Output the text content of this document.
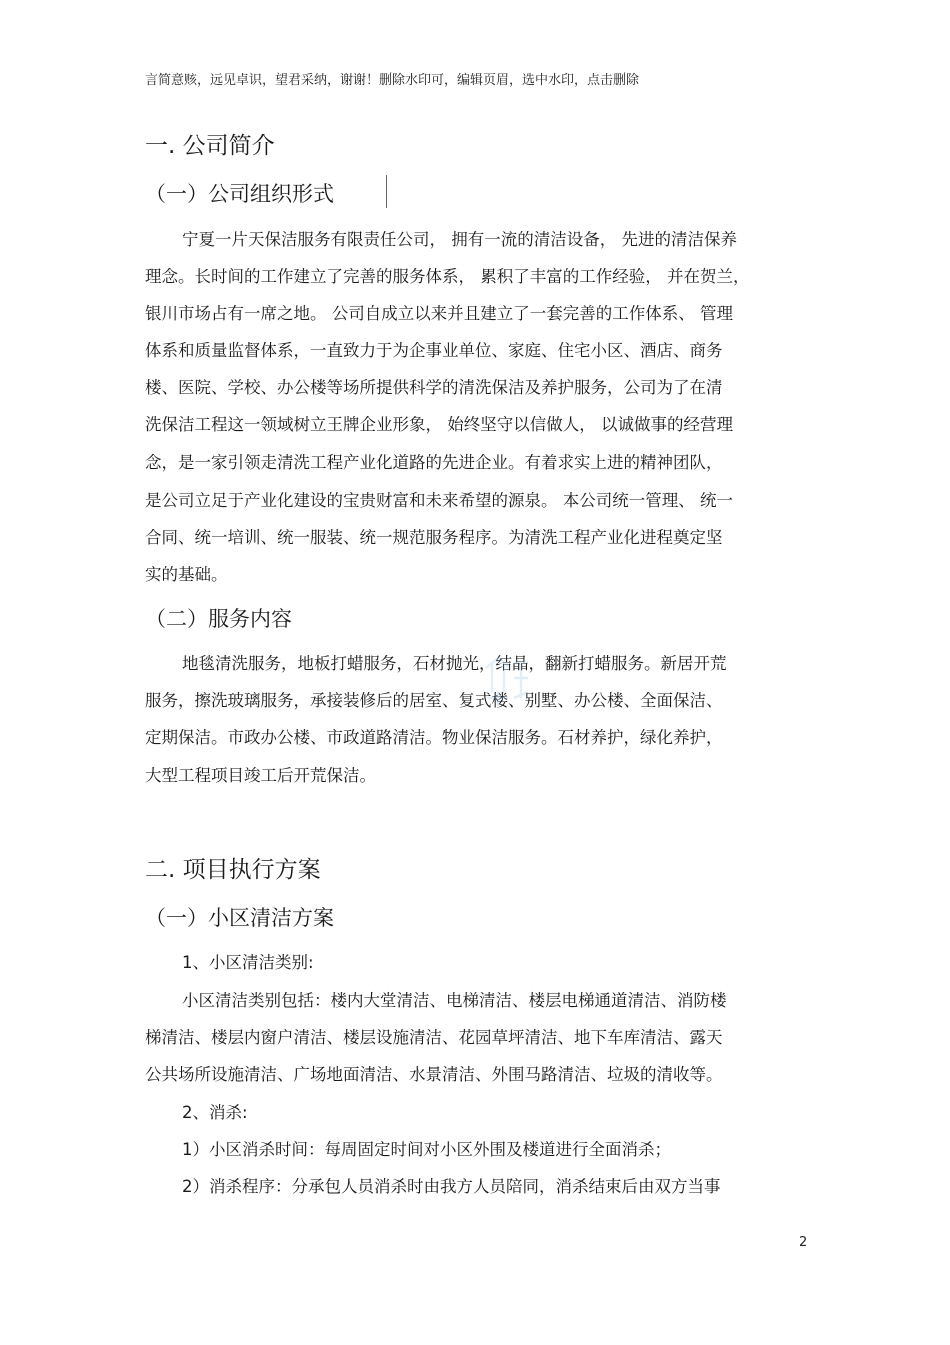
言简意赅，远见卓识，望君采纳，谢谢！删除水印可，编辑页眉，选中水印，点击删除
一. 公司简介
（一）公司组织形式
宁夏一片天保洁服务有限责任公司， 拥有一流的清洁设备， 先进的清洁保养
理念。长时间的工作建立了完善的服务体系， 累积了丰富的工作经验， 并在贺兰，
银川市场占有一席之地。 公司自成立以来并且建立了一套完善的工作体系、 管理
体系和质量监督体系，一直致力于为企事业单位、家庭、住宅小区、酒店、商务
楼、医院、学校、办公楼等场所提供科学的清洗保洁及养护服务，公司为了在清
洗保洁工程这一领域树立王牌企业形象， 始终坚守以信做人， 以诚做事的经营理
念，是一家引领走清洗工程产业化道路的先进企业。有着求实上进的精神团队，
是公司立足于产业化建设的宝贵财富和未来希望的源泉。 本公司统一管理、 统一
合同、统一培训、统一服装、统一规范服务程序。为清洗工程产业化进程奠定坚
实的基础。
（二）服务内容
地毯清洗服务，地板打蜡服务，石材抛光，结晶，翻新打蜡服务。新居开荒
服务，擦洗玻璃服务，承接装修后的居室、复式楼、别墅、办公楼、全面保洁、
定期保洁。市政办公楼、市政道路清洁。物业保洁服务。石材养护，绿化养护，
大型工程项目竣工后开荒保洁。
二. 项目执行方案
（一）小区清洁方案
1、小区清洁类别:
小区清洁类别包括：楼内大堂清洁、电梯清洁、楼层电梯通道清洁、消防楼
梯清洁、楼层内窗户清洁、楼层设施清洁、花园草坪清洁、地下车库清洁、露天
公共场所设施清洁、广场地面清洁、水景清洁、外围马路清洁、垃圾的清收等。
2、消杀:
1）小区消杀时间：每周固定时间对小区外围及楼道进行全面消杀；
2）消杀程序：分承包人员消杀时由我方人员陪同，消杀结束后由双方当事
2
